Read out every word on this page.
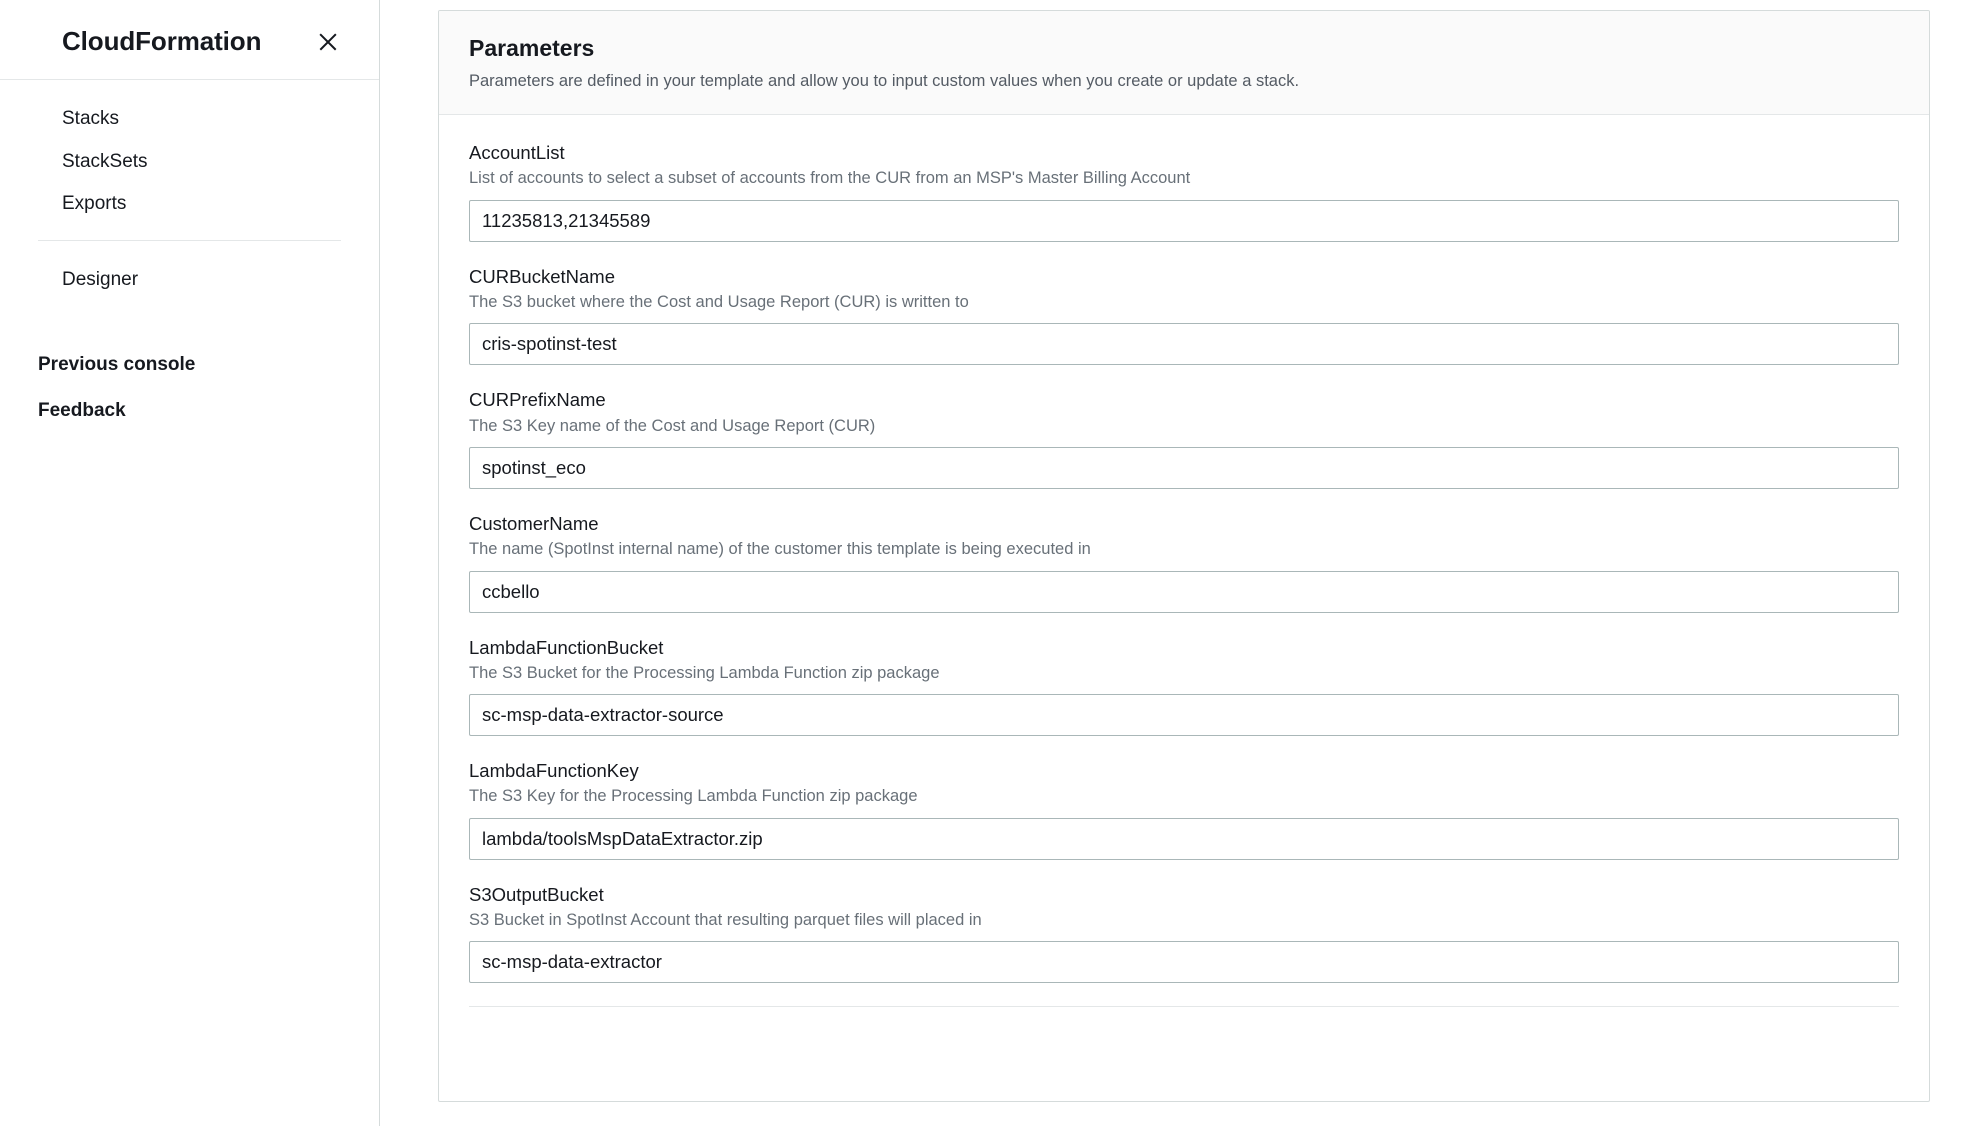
CloudFormation
Stacks
StackSets
Exports
Designer
Previous console
Feedback
Parameters
Parameters are defined in your template and allow you to input custom values when you create or update a stack.
AccountList
List of accounts to select a subset of accounts from the CUR from an MSP's Master Billing Account
11235813,21345589
CURBucketName
The S3 bucket where the Cost and Usage Report (CUR) is written to
cris-spotinst-test
CURPrefixName
The S3 Key name of the Cost and Usage Report (CUR)
spotinst_eco
CustomerName
The name (SpotInst internal name) of the customer this template is being executed in
ccbello
LambdaFunctionBucket
The S3 Bucket for the Processing Lambda Function zip package
sc-msp-data-extractor-source
LambdaFunctionKey
The S3 Key for the Processing Lambda Function zip package
lambda/toolsMspDataExtractor.zip
S3OutputBucket
S3 Bucket in SpotInst Account that resulting parquet files will placed in
sc-msp-data-extractor
